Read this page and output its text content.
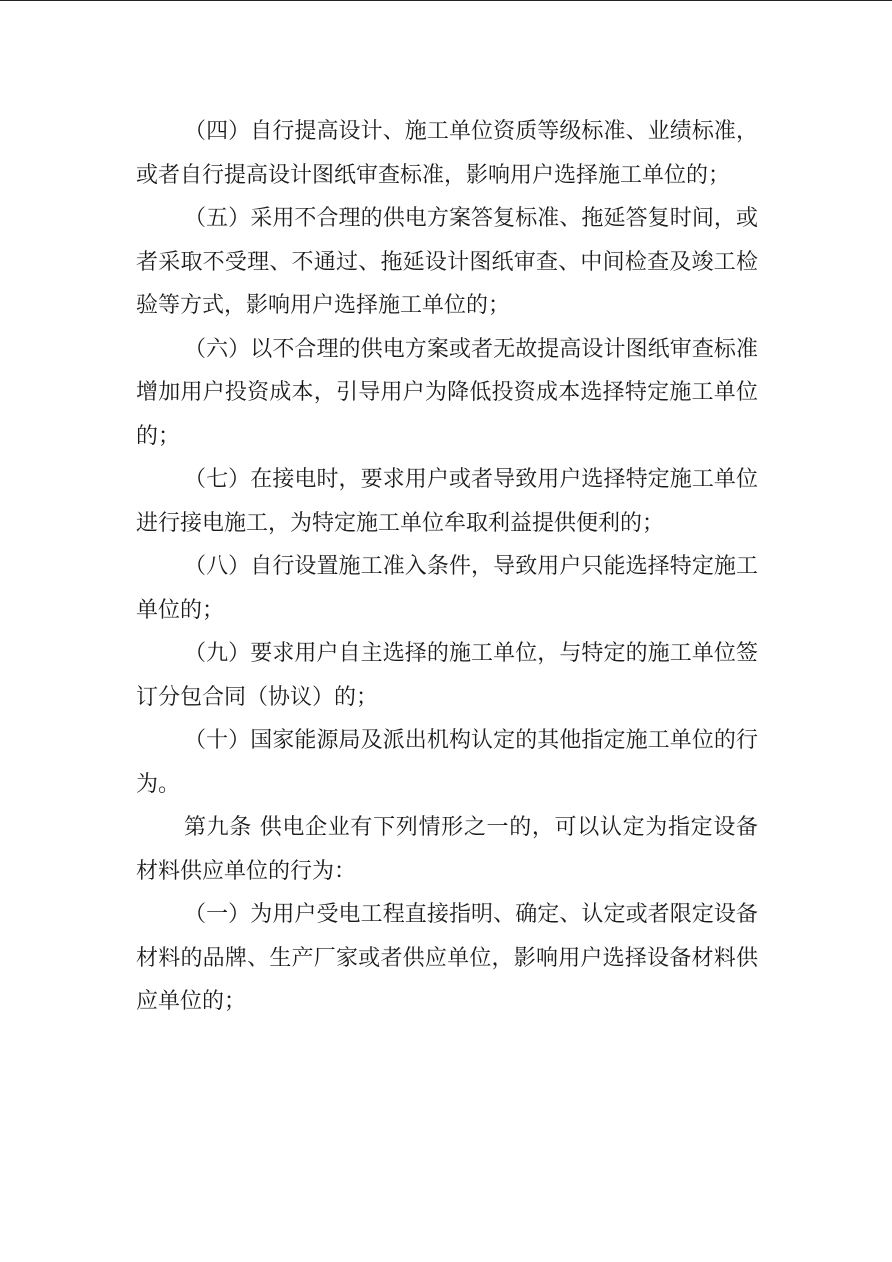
（四）自行提高设计、施工单位资质等级标准、业绩标准，或者自行提高设计图纸审查标准，影响用户选择施工单位的；

（五）采用不合理的供电方案答复标准、拖延答复时间，或者采取不受理、不通过、拖延设计图纸审查、中间检查及竣工检验等方式，影响用户选择施工单位的；

（六）以不合理的供电方案或者无故提高设计图纸审查标准增加用户投资成本，引导用户为降低投资成本选择特定施工单位的；

（七）在接电时，要求用户或者导致用户选择特定施工单位进行接电施工，为特定施工单位牟取利益提供便利的；

（八）自行设置施工准入条件，导致用户只能选择特定施工单位的；

（九）要求用户自主选择的施工单位，与特定的施工单位签订分包合同（协议）的；

（十）国家能源局及派出机构认定的其他指定施工单位的行为。

第九条 供电企业有下列情形之一的，可以认定为指定设备材料供应单位的行为：

（一）为用户受电工程直接指明、确定、认定或者限定设备材料的品牌、生产厂家或者供应单位，影响用户选择设备材料供应单位的；
